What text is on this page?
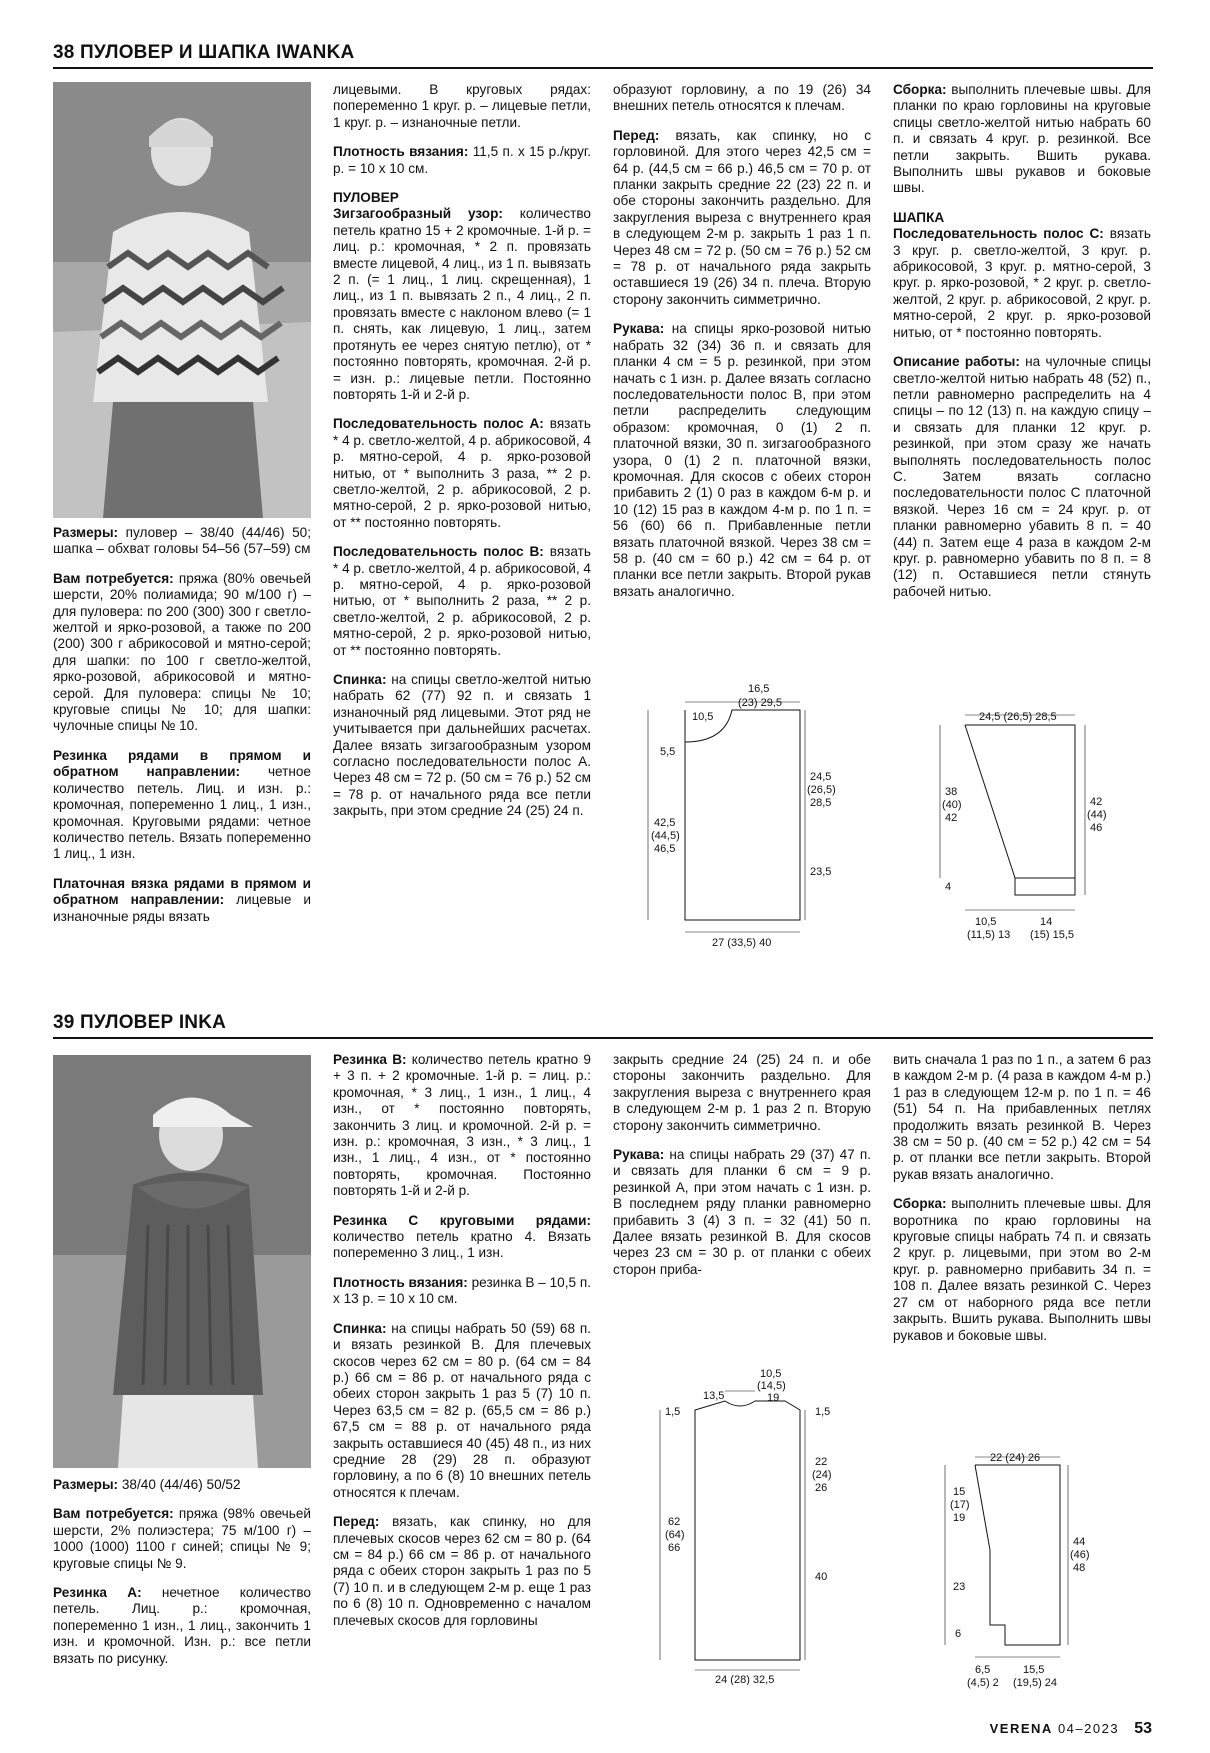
38 ПУЛОВЕР И ШАПКА IWANKA

Размеры: пуловер – 38/40 (44/46) 50; шапка – обхват головы 54–56 (57–59) см

Вам потребуется: пряжа (80% овечьей шерсти, 20% полиамида; 90 м/100 г) – для пуловера: по 200 (300) 300 г светло-желтой и ярко-розовой, а также по 200 (200) 300 г абрикосовой и мятно-серой; для шапки: по 100 г светло-желтой, ярко-розовой, абрикосовой и мятно-серой. Для пуловера: спицы № 10; круговые спицы № 10; для шапки: чулочные спицы № 10.

Резинка рядами в прямом и обратном направлении: четное количество петель. Лиц. и изн. р.: кромочная, попеременно 1 лиц., 1 изн., кромочная. Круговыми рядами: четное количество петель. Вязать попеременно 1 лиц., 1 изн.

Платочная вязка рядами в прямом и обратном направлении: лицевые и изнаночные ряды вязать

лицевыми. В круговых рядах: попеременно 1 круг. р. – лицевые петли, 1 круг. р. – изнаночные петли.

Плотность вязания: 11,5 п. х 15 р./круг. р. = 10 х 10 см.

ПУЛОВЕР

Зигзагообразный узор: количество петель кратно 15 + 2 кромочные. 1-й р. = лиц. р.: кромочная, * 2 п. провязать вместе лицевой, 4 лиц., из 1 п. вывязать 2 п. (= 1 лиц., 1 лиц. скрещенная), 1 лиц., из 1 п. вывязать 2 п., 4 лиц., 2 п. провязать вместе с наклоном влево (= 1 п. снять, как лицевую, 1 лиц., затем протянуть ее через снятую петлю), от * постоянно повторять, кромочная. 2-й р. = изн. р.: лицевые петли. Постоянно повторять 1-й и 2-й р.

Последовательность полос А: вязать * 4 р. светло-желтой, 4 р. абрикосовой, 4 р. мятно-серой, 4 р. ярко-розовой нитью, от * выполнить 3 раза, ** 2 р. светло-желтой, 2 р. абрикосовой, 2 р. мятно-серой, 2 р. ярко-розовой нитью, от ** постоянно повторять.

Последовательность полос В: вязать * 4 р. светло-желтой, 4 р. абрикосовой, 4 р. мятно-серой, 4 р. ярко-розовой нитью, от * выполнить 2 раза, ** 2 р. светло-желтой, 2 р. абрикосовой, 2 р. мятно-серой, 2 р. ярко-розовой нитью, от ** постоянно повторять.

Спинка: на спицы светло-желтой нитью набрать 62 (77) 92 п. и связать 1 изнаночный ряд лицевыми. Этот ряд не учитывается при дальнейших расчетах. Далее вязать зигзагообразным узором согласно последовательности полос А. Через 48 см = 72 р. (50 см = 76 р.) 52 см = 78 р. от начального ряда все петли закрыть, при этом средние 24 (25) 24 п.

образуют горловину, а по 19 (26) 34 внешних петель относятся к плечам.

Перед: вязать, как спинку, но с горловиной. Для этого через 42,5 см = 64 р. (44,5 см = 66 р.) 46,5 см = 70 р. от планки закрыть средние 22 (23) 22 п. и обе стороны закончить раздельно. Для закругления выреза с внутреннего края в следующем 2-м р. закрыть 1 раз 1 п. Через 48 см = 72 р. (50 см = 76 р.) 52 см = 78 р. от начального ряда закрыть оставшиеся 19 (26) 34 п. плеча. Вторую сторону закончить симметрично.

Рукава: на спицы ярко-розовой нитью набрать 32 (34) 36 п. и связать для планки 4 см = 5 р. резинкой, при этом начать с 1 изн. р. Далее вязать согласно последовательности полос В, при этом петли распределить следующим образом: кромочная, 0 (1) 2 п. платочной вязки, 30 п. зигзагообразного узора, 0 (1) 2 п. платочной вязки, кромочная. Для скосов с обеих сторон прибавить 2 (1) 0 раз в каждом 6-м р. и 10 (12) 15 раз в каждом 4-м р. по 1 п. = 56 (60) 66 п. Прибавленные петли вязать платочной вязкой. Через 38 см = 58 р. (40 см = 60 р.) 42 см = 64 р. от планки все петли закрыть. Второй рукав вязать аналогично.

Сборка: выполнить плечевые швы. Для планки по краю горловины на круговые спицы светло-желтой нитью набрать 60 п. и связать 4 круг. р. резинкой. Все петли закрыть. Вшить рукава. Выполнить швы рукавов и боковые швы.

ШАПКА

Последовательность полос С: вязать 3 круг. р. светло-желтой, 3 круг. р. абрикосовой, 3 круг. р. мятно-серой, 3 круг. р. ярко-розовой, * 2 круг. р. светло-желтой, 2 круг. р. абрикосовой, 2 круг. р. мятно-серой, 2 круг. р. ярко-розовой нитью, от * постоянно повторять.

Описание работы: на чулочные спицы светло-желтой нитью набрать 48 (52) п., петли равномерно распределить на 4 спицы – по 12 (13) п. на каждую спицу – и связать для планки 12 круг. р. резинкой, при этом сразу же начать выполнять последовательность полос С. Затем вязать согласно последовательности полос С платочной вязкой. Через 16 см = 24 круг. р. от планки равномерно убавить 8 п. = 40 (44) п. Затем еще 4 раза в каждом 2-м круг. р. равномерно убавить по 8 п. = 8 (12) п. Оставшиеся петли стянуть рабочей нитью.

10,5
16,5
(23) 29,5
5,5
24,5
(26,5)
28,5
42,5
(44,5)
46,5
23,5
27 (33,5) 40
24,5 (26,5) 28,5
38
(40)
42
42
(44)
46
4
10,5
(11,5) 13
14
(15) 15,5
39 ПУЛОВЕР INKA

Размеры: 38/40 (44/46) 50/52

Вам потребуется: пряжа (98% овечьей шерсти, 2% полиэстера; 75 м/100 г) – 1000 (1000) 1100 г синей; спицы № 9; круговые спицы № 9.

Резинка А: нечетное количество петель. Лиц. р.: кромочная, попеременно 1 изн., 1 лиц., закончить 1 изн. и кромочной. Изн. р.: все петли вязать по рисунку.

Резинка В: количество петель кратно 9 + 3 п. + 2 кромочные. 1-й р. = лиц. р.: кромочная, * 3 лиц., 1 изн., 1 лиц., 4 изн., от * постоянно повторять, закончить 3 лиц. и кромочной. 2-й р. = изн. р.: кромочная, 3 изн., * 3 лиц., 1 изн., 1 лиц., 4 изн., от * постоянно повторять, кромочная. Постоянно повторять 1-й и 2-й р.

Резинка С круговыми рядами: количество петель кратно 4. Вязать попеременно 3 лиц., 1 изн.

Плотность вязания: резинка В – 10,5 п. х 13 р. = 10 х 10 см.

Спинка: на спицы набрать 50 (59) 68 п. и вязать резинкой В. Для плечевых скосов через 62 см = 80 р. (64 см = 84 р.) 66 см = 86 р. от начального ряда с обеих сторон закрыть 1 раз 5 (7) 10 п. Через 63,5 см = 82 р. (65,5 см = 86 р.) 67,5 см = 88 р. от начального ряда закрыть оставшиеся 40 (45) 48 п., из них средние 28 (29) 28 п. образуют горловину, а по 6 (8) 10 внешних петель относятся к плечам.

Перед: вязать, как спинку, но для плечевых скосов через 62 см = 80 р. (64 см = 84 р.) 66 см = 86 р. от начального ряда с обеих сторон закрыть 1 раз по 5 (7) 10 п. и в следующем 2-м р. еще 1 раз по 6 (8) 10 п. Одновременно с началом плечевых скосов для горловины

закрыть средние 24 (25) 24 п. и обе стороны закончить раздельно. Для закругления выреза с внутреннего края в следующем 2-м р. 1 раз 2 п. Вторую сторону закончить симметрично.

Рукава: на спицы набрать 29 (37) 47 п. и связать для планки 6 см = 9 р. резинкой А, при этом начать с 1 изн. р. В последнем ряду планки равномерно прибавить 3 (4) 3 п. = 32 (41) 50 п. Далее вязать резинкой В. Для скосов через 23 см = 30 р. от планки с обеих сторон приба-

вить сначала 1 раз по 1 п., а затем 6 раз в каждом 2-м р. (4 раза в каждом 4-м р.) 1 раз в следующем 12-м р. по 1 п. = 46 (51) 54 п. На прибавленных петлях продолжить вязать резинкой В. Через 38 см = 50 р. (40 см = 52 р.) 42 см = 54 р. от планки все петли закрыть. Второй рукав вязать аналогично.

Сборка: выполнить плечевые швы. Для воротника по краю горловины на круговые спицы набрать 74 п. и связать 2 круг. р. лицевыми, при этом во 2-м круг. р. равномерно прибавить 34 п. = 108 п. Далее вязать резинкой С. Через 27 см от наборного ряда все петли закрыть. Вшить рукава. Выполнить швы рукавов и боковые швы.

10,5
(14,5)
19
13,5
1,5	1,5
22
(24)
26
62
(64)
66
40
24 (28) 32,5
22 (24) 26
15
(17)
19
23
44
(46)
48
6
6,5
(4,5) 2
15,5
(19,5) 24
VERENA 04–2023 53
